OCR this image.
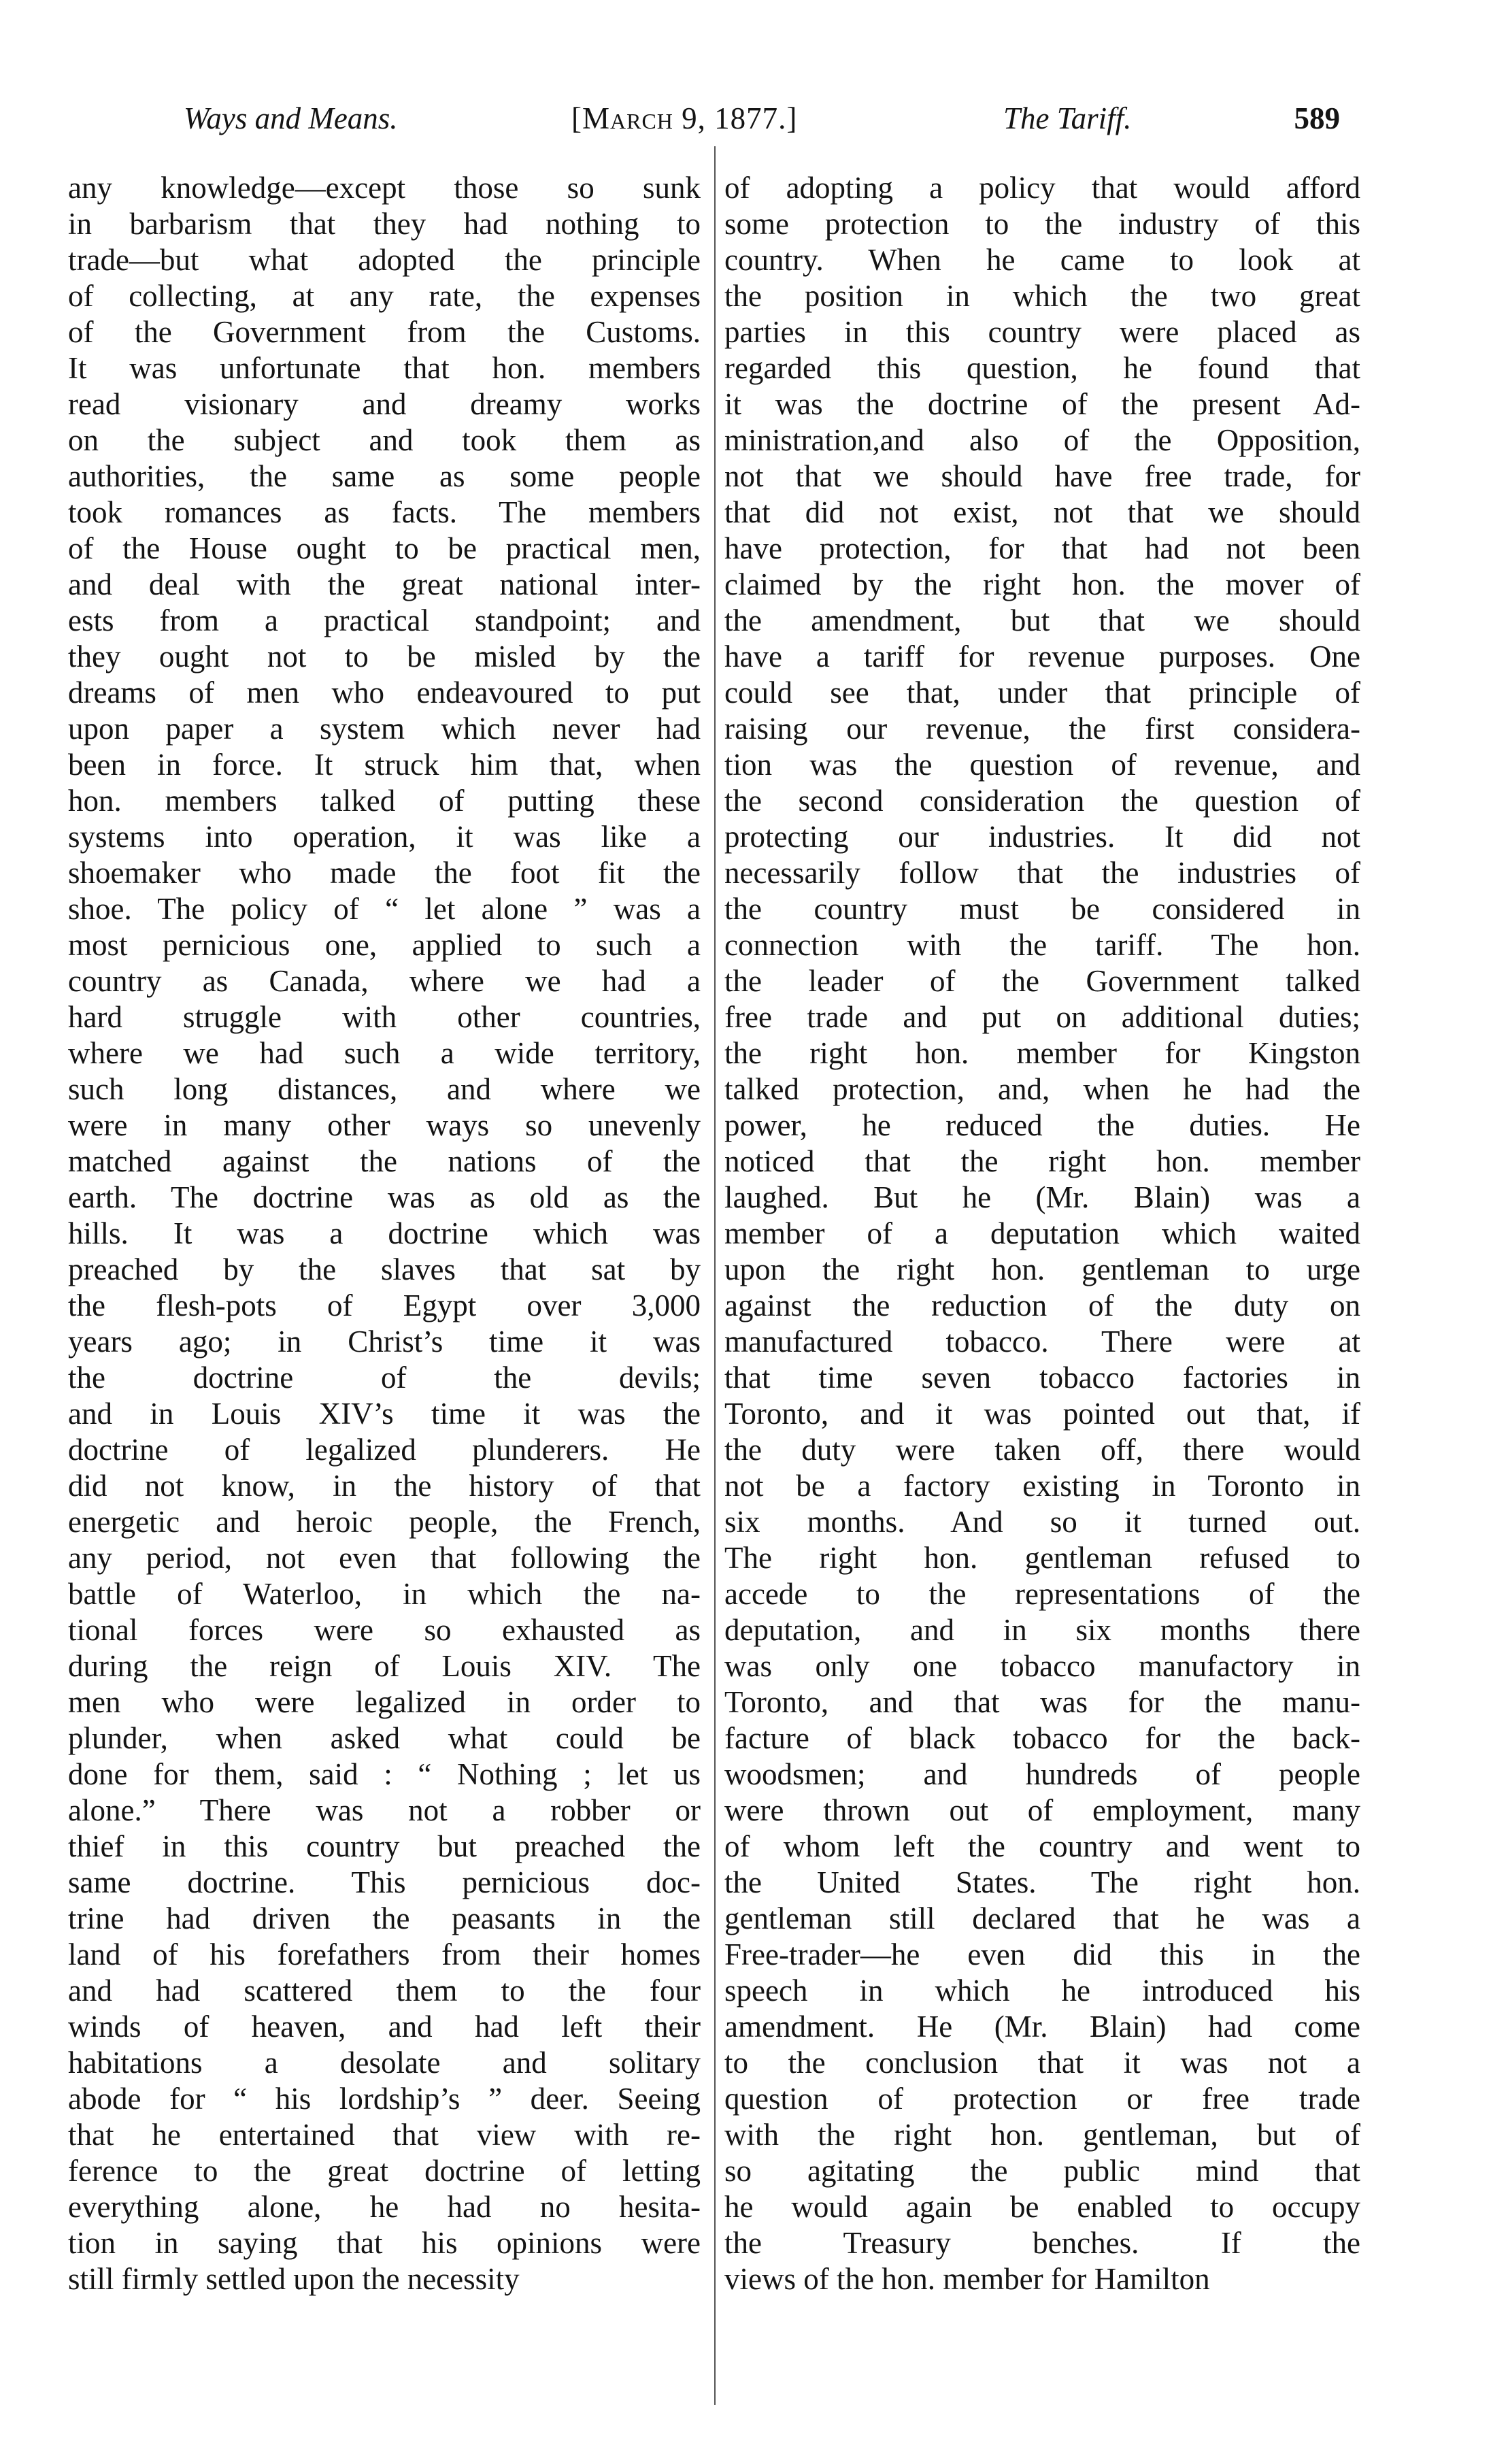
Ways and Means.	[March 9, 1877.]	The Tariff.	589
any knowledge—except those so sunk
in barbarism that they had nothing to
trade—but what adopted the principle
of collecting, at any rate, the expenses
of the Government from the Customs.
It was unfortunate that hon. members
read visionary and dreamy works
on the subject and took them as
authorities, the same as some people
took romances as facts. The members
of the House ought to be practical men,
and deal with the great national inter-
ests from a practical standpoint; and
they ought not to be misled by the
dreams of men who endeavoured to put
upon paper a system which never had
been in force. It struck him that, when
hon. members talked of putting these
systems into operation, it was like a
shoemaker who made the foot fit the
shoe. The policy of “ let alone ” was a
most pernicious one, applied to such a
country as Canada, where we had a
hard struggle with other countries,
where we had such a wide territory,
such long distances, and where we
were in many other ways so unevenly
matched against the nations of the
earth. The doctrine was as old as the
hills. It was a doctrine which was
preached by the slaves that sat by
the flesh-pots of Egypt over 3,000
years ago; in Christ’s time it was
the doctrine of the devils;
and in Louis XIV’s time it was the
doctrine of legalized plunderers. He
did not know, in the history of that
energetic and heroic people, the French,
any period, not even that following the
battle of Waterloo, in which the na-
tional forces were so exhausted as
during the reign of Louis XIV. The
men who were legalized in order to
plunder, when asked what could be
done for them, said : “ Nothing ; let us
alone.” There was not a robber or
thief in this country but preached the
same doctrine. This pernicious doc-
trine had driven the peasants in the
land of his forefathers from their homes
and had scattered them to the four
winds of heaven, and had left their
habitations a desolate and solitary
abode for “ his lordship’s ” deer. Seeing
that he entertained that view with re-
ference to the great doctrine of letting
everything alone, he had no hesita-
tion in saying that his opinions were
still firmly settled upon the necessity
of adopting a policy that would afford
some protection to the industry of this
country. When he came to look at
the position in which the two great
parties in this country were placed as
regarded this question, he found that
it was the doctrine of the present Ad-
ministration,and also of the Opposition,
not that we should have free trade, for
that did not exist, not that we should
have protection, for that had not been
claimed by the right hon. the mover of
the amendment, but that we should
have a tariff for revenue purposes. One
could see that, under that principle of
raising our revenue, the first considera-
tion was the question of revenue, and
the second consideration the question of
protecting our industries. It did not
necessarily follow that the industries of
the country must be considered in
connection with the tariff. The hon.
the leader of the Government talked
free trade and put on additional duties;
the right hon. member for Kingston
talked protection, and, when he had the
power, he reduced the duties. He
noticed that the right hon. member
laughed. But he (Mr. Blain) was a
member of a deputation which waited
upon the right hon. gentleman to urge
against the reduction of the duty on
manufactured tobacco. There were at
that time seven tobacco factories in
Toronto, and it was pointed out that, if
the duty were taken off, there would
not be a factory existing in Toronto in
six months. And so it turned out.
The right hon. gentleman refused to
accede to the representations of the
deputation, and in six months there
was only one tobacco manufactory in
Toronto, and that was for the manu-
facture of black tobacco for the back-
woodsmen; and hundreds of people
were thrown out of employment, many
of whom left the country and went to
the United States. The right hon.
gentleman still declared that he was a
Free-trader—he even did this in the
speech in which he introduced his
amendment. He (Mr. Blain) had come
to the conclusion that it was not a
question of protection or free trade
with the right hon. gentleman, but of
so agitating the public mind that
he would again be enabled to occupy
the Treasury benches. If the
views of the hon. member for Hamilton
